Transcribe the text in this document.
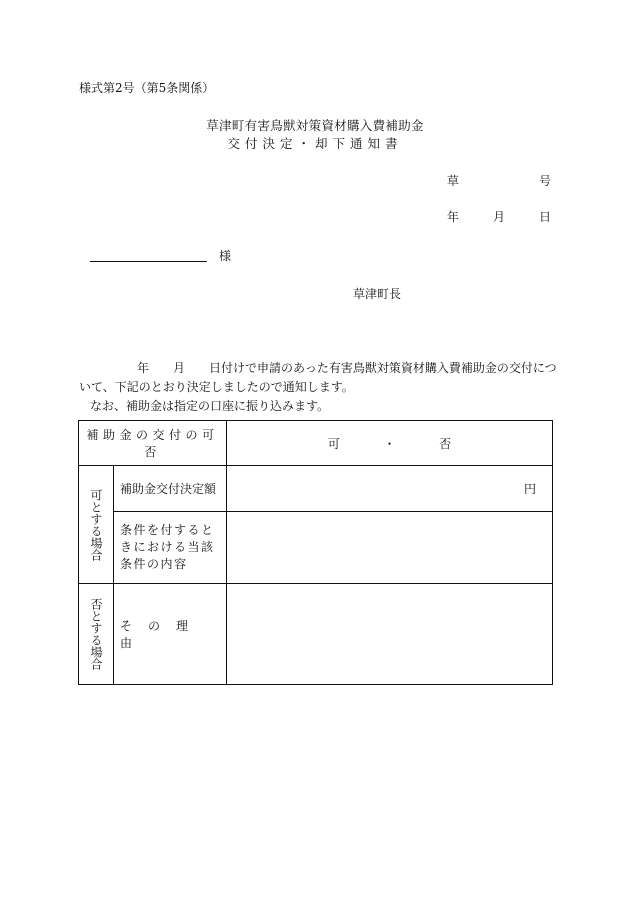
様式第2号（第5条関係）
草津町有害鳥獣対策資材購入費補助金
交付決定・却下通知書
草	号
年	月	日
様
草津町長
年 月 日付けで申請のあった有害鳥獣対策資材購入費補助金の交付につ
いて、下記のとおり決定しましたので通知します。
なお、補助金は指定の口座に振り込みます。
補助金の交付の可否		可 ・ 否

可とする場合	補助金交付決定額	円
	条件を付するときにおける当該条件の内容	

否とする場合	その理由	
